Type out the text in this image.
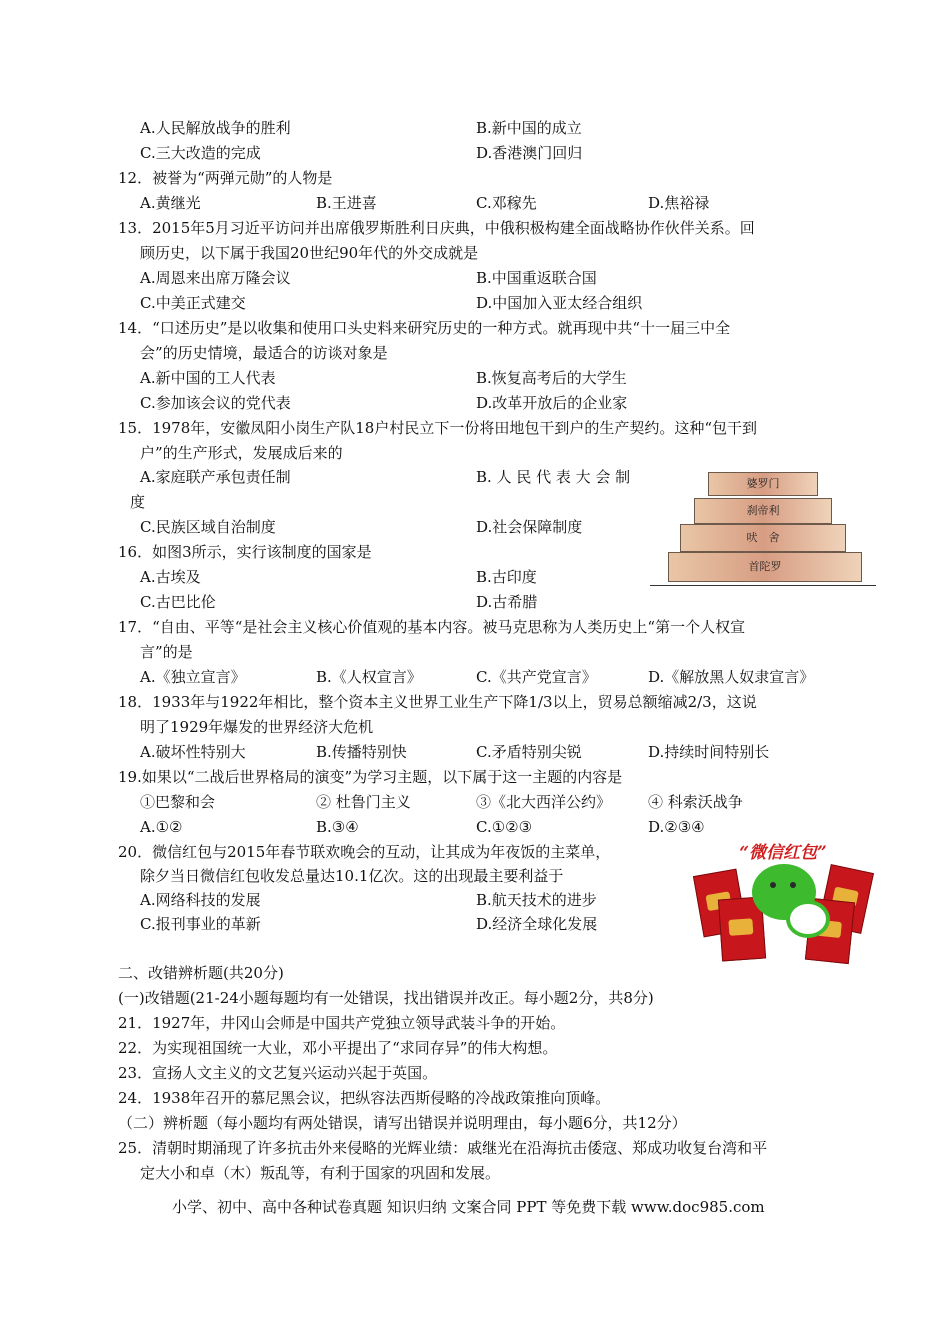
A.人民解放战争的胜利	B.新中国的成立
C.三大改造的完成	D.香港澳门回归
12．被誉为“两弹元勋”的人物是
A.黄继光	B.王进喜	C.邓稼先	D.焦裕禄
13．2015年5月习近平访问并出席俄罗斯胜利日庆典，中俄积极构建全面战略协作伙伴关系。回
顾历史，以下属于我国20世纪90年代的外交成就是
A.周恩来出席万隆会议	B.中国重返联合国
C.中美正式建交	D.中国加入亚太经合组织
14．“口述历史”是以收集和使用口头史料来研究历史的一种方式。就再现中共“十一届三中全
会”的历史情境，最适合的访谈对象是
A.新中国的工人代表	B.恢复高考后的大学生
C.参加该会议的党代表	D.改革开放后的企业家
15．1978年，安徽凤阳小岗生产队18户村民立下一份将田地包干到户的生产契约。这种“包干到
户”的生产形式，发展成后来的
A.家庭联产承包责任制	B. 人 民 代 表 大 会 制
度
C.民族区域自治制度	D.社会保障制度
16．如图3所示，实行该制度的国家是
A.古埃及	B.古印度
C.古巴比伦	D.古希腊
17．“自由、平等“是社会主义核心价值观的基本内容。被马克思称为人类历史上“第一个人权宣
言”的是
A.《独立宣言》	B.《人权宣言》	C.《共产党宣言》	D.《解放黑人奴隶宣言》
18．1933年与1922年相比，整个资本主义世界工业生产下降1/3以上，贸易总额缩减2/3，这说
明了1929年爆发的世界经济大危机
A.破坏性特别大	B.传播特别快	C.矛盾特别尖锐	D.持续时间特别长
19.如果以“二战后世界格局的演变”为学习主题，以下属于这一主题的内容是
①巴黎和会	② 杜鲁门主义	③《北大西洋公约》 ④ 科索沃战争
A.①②	B.③④	C.①②③	D.②③④
20．微信红包与2015年春节联欢晚会的互动，让其成为年夜饭的主菜单，
除夕当日微信红包收发总量达10.1亿次。这的出现最主要利益于
A.网络科技的发展	B.航天技术的进步
C.报刊事业的革新	D.经济全球化发展
二、改错辨析题(共20分)
(一)改错题(21-24小题每题均有一处错误，找出错误并改正。每小题2分，共8分)
21．1927年，井冈山会师是中国共产党独立领导武装斗争的开始。
22．为实现祖国统一大业，邓小平提出了“求同存异”的伟大构想。
23．宣扬人文主义的文艺复兴运动兴起于英国。
24．1938年召开的慕尼黑会议，把纵容法西斯侵略的冷战政策推向顶峰。
（二）辨析题（每小题均有两处错误，请写出错误并说明理由，每小题6分，共12分）
25．清朝时期涌现了许多抗击外来侵略的光辉业绩：戚继光在沿海抗击倭寇、郑成功收复台湾和平
定大小和卓（木）叛乱等，有利于国家的巩固和发展。
婆罗门
刹帝利
吠　舍
首陀罗
“微信红包”
小学、初中、高中各种试卷真题 知识归纳 文案合同 PPT 等免费下载 www.doc985.com
